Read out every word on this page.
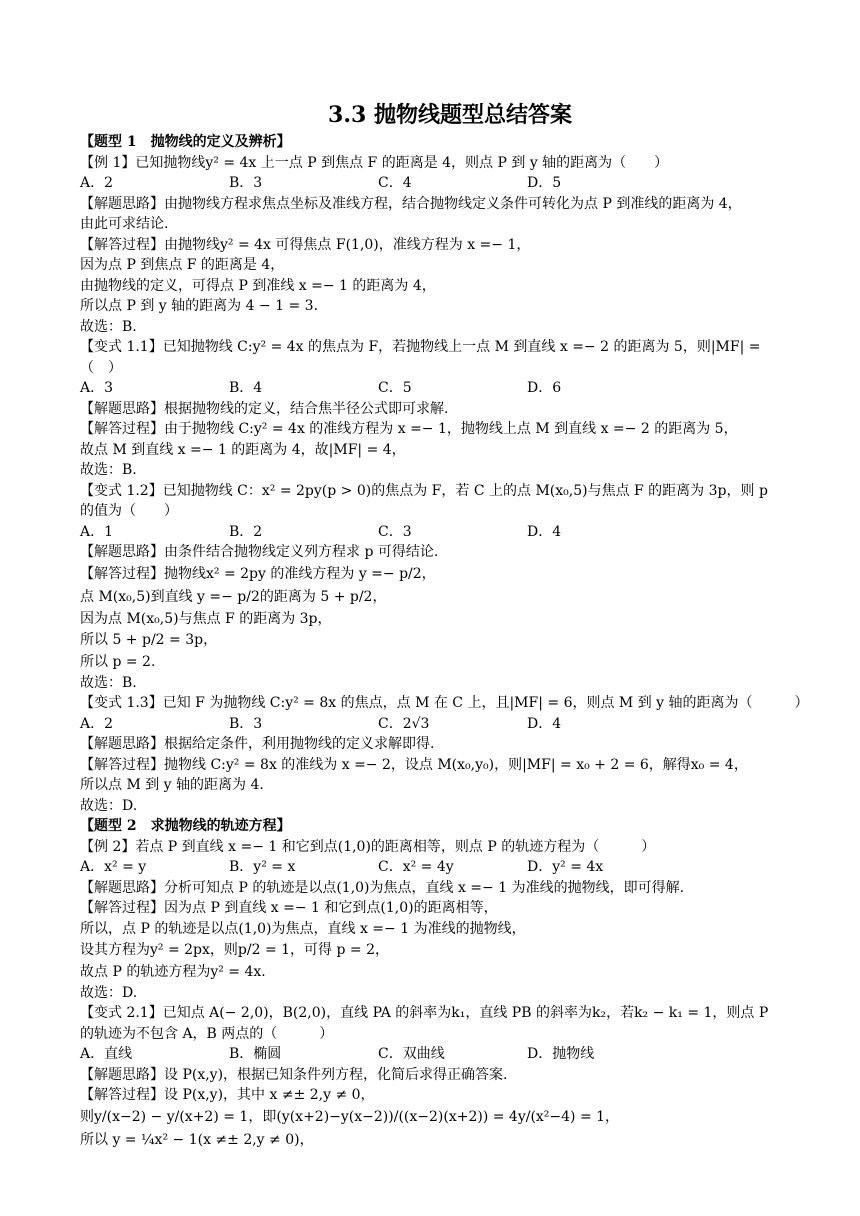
3.3 抛物线题型总结答案
【题型 1　抛物线的定义及辨析】
【例 1】已知抛物线y² = 4x 上一点 P 到焦点 F 的距离是 4，则点 P 到 y 轴的距离为（　　）
A．2	B．3	C．4	D．5
【解题思路】由抛物线方程求焦点坐标及准线方程，结合抛物线定义条件可转化为点 P 到准线的距离为 4，
由此可求结论.
【解答过程】由抛物线y² = 4x 可得焦点 F(1,0)，准线方程为 x =− 1，
因为点 P 到焦点 F 的距离是 4，
由抛物线的定义，可得点 P 到准线 x =− 1 的距离为 4，
所以点 P 到 y 轴的距离为 4 − 1 = 3.
故选：B.
【变式 1.1】已知抛物线 C:y² = 4x 的焦点为 F，若抛物线上一点 M 到直线 x =− 2 的距离为 5，则|MF| =
（　）
A．3	B．4	C．5	D．6
【解题思路】根据抛物线的定义，结合焦半径公式即可求解.
【解答过程】由于抛物线 C:y² = 4x 的准线方程为 x =− 1，抛物线上点 M 到直线 x =− 2 的距离为 5，
故点 M 到直线 x =− 1 的距离为 4，故|MF| = 4，
故选：B.
【变式 1.2】已知抛物线 C：x² = 2py(p > 0)的焦点为 F，若 C 上的点 M(x₀,5)与焦点 F 的距离为 3p，则 p
的值为（　　）
A．1	B．2	C．3	D．4
【解题思路】由条件结合抛物线定义列方程求 p 可得结论.
【解答过程】抛物线x² = 2py 的准线方程为 y =− p/2，
点 M(x₀,5)到直线 y =− p/2的距离为 5 + p/2，
因为点 M(x₀,5)与焦点 F 的距离为 3p，
所以 5 + p/2 = 3p，
所以 p = 2.
故选：B.
【变式 1.3】已知 F 为抛物线 C:y² = 8x 的焦点，点 M 在 C 上，且|MF| = 6，则点 M 到 y 轴的距离为（　　　）
A．2	B．3	C．2√3	D．4
【解题思路】根据给定条件，利用抛物线的定义求解即得.
【解答过程】抛物线 C:y² = 8x 的准线为 x =− 2，设点 M(x₀,y₀)，则|MF| = x₀ + 2 = 6，解得x₀ = 4，
所以点 M 到 y 轴的距离为 4.
故选：D.
【题型 2　求抛物线的轨迹方程】
【例 2】若点 P 到直线 x =− 1 和它到点(1,0)的距离相等，则点 P 的轨迹方程为（　　　）
A．x² = y	B．y² = x	C．x² = 4y	D．y² = 4x
【解题思路】分析可知点 P 的轨迹是以点(1,0)为焦点，直线 x =− 1 为准线的抛物线，即可得解.
【解答过程】因为点 P 到直线 x =− 1 和它到点(1,0)的距离相等，
所以，点 P 的轨迹是以点(1,0)为焦点，直线 x =− 1 为准线的抛物线，
设其方程为y² = 2px，则p/2 = 1，可得 p = 2，
故点 P 的轨迹方程为y² = 4x.
故选：D.
【变式 2.1】已知点 A(− 2,0)，B(2,0)，直线 PA 的斜率为k₁，直线 PB 的斜率为k₂，若k₂ − k₁ = 1，则点 P
的轨迹为不包含 A，B 两点的（　　　）
A．直线	B．椭圆	C．双曲线	D．抛物线
【解题思路】设 P(x,y)，根据已知条件列方程，化简后求得正确答案.
【解答过程】设 P(x,y)，其中 x ≠± 2,y ≠ 0，
则y/(x−2) − y/(x+2) = 1，即(y(x+2)−y(x−2))/((x−2)(x+2)) = 4y/(x²−4) = 1，
所以 y = ¼x² − 1(x ≠± 2,y ≠ 0)，
